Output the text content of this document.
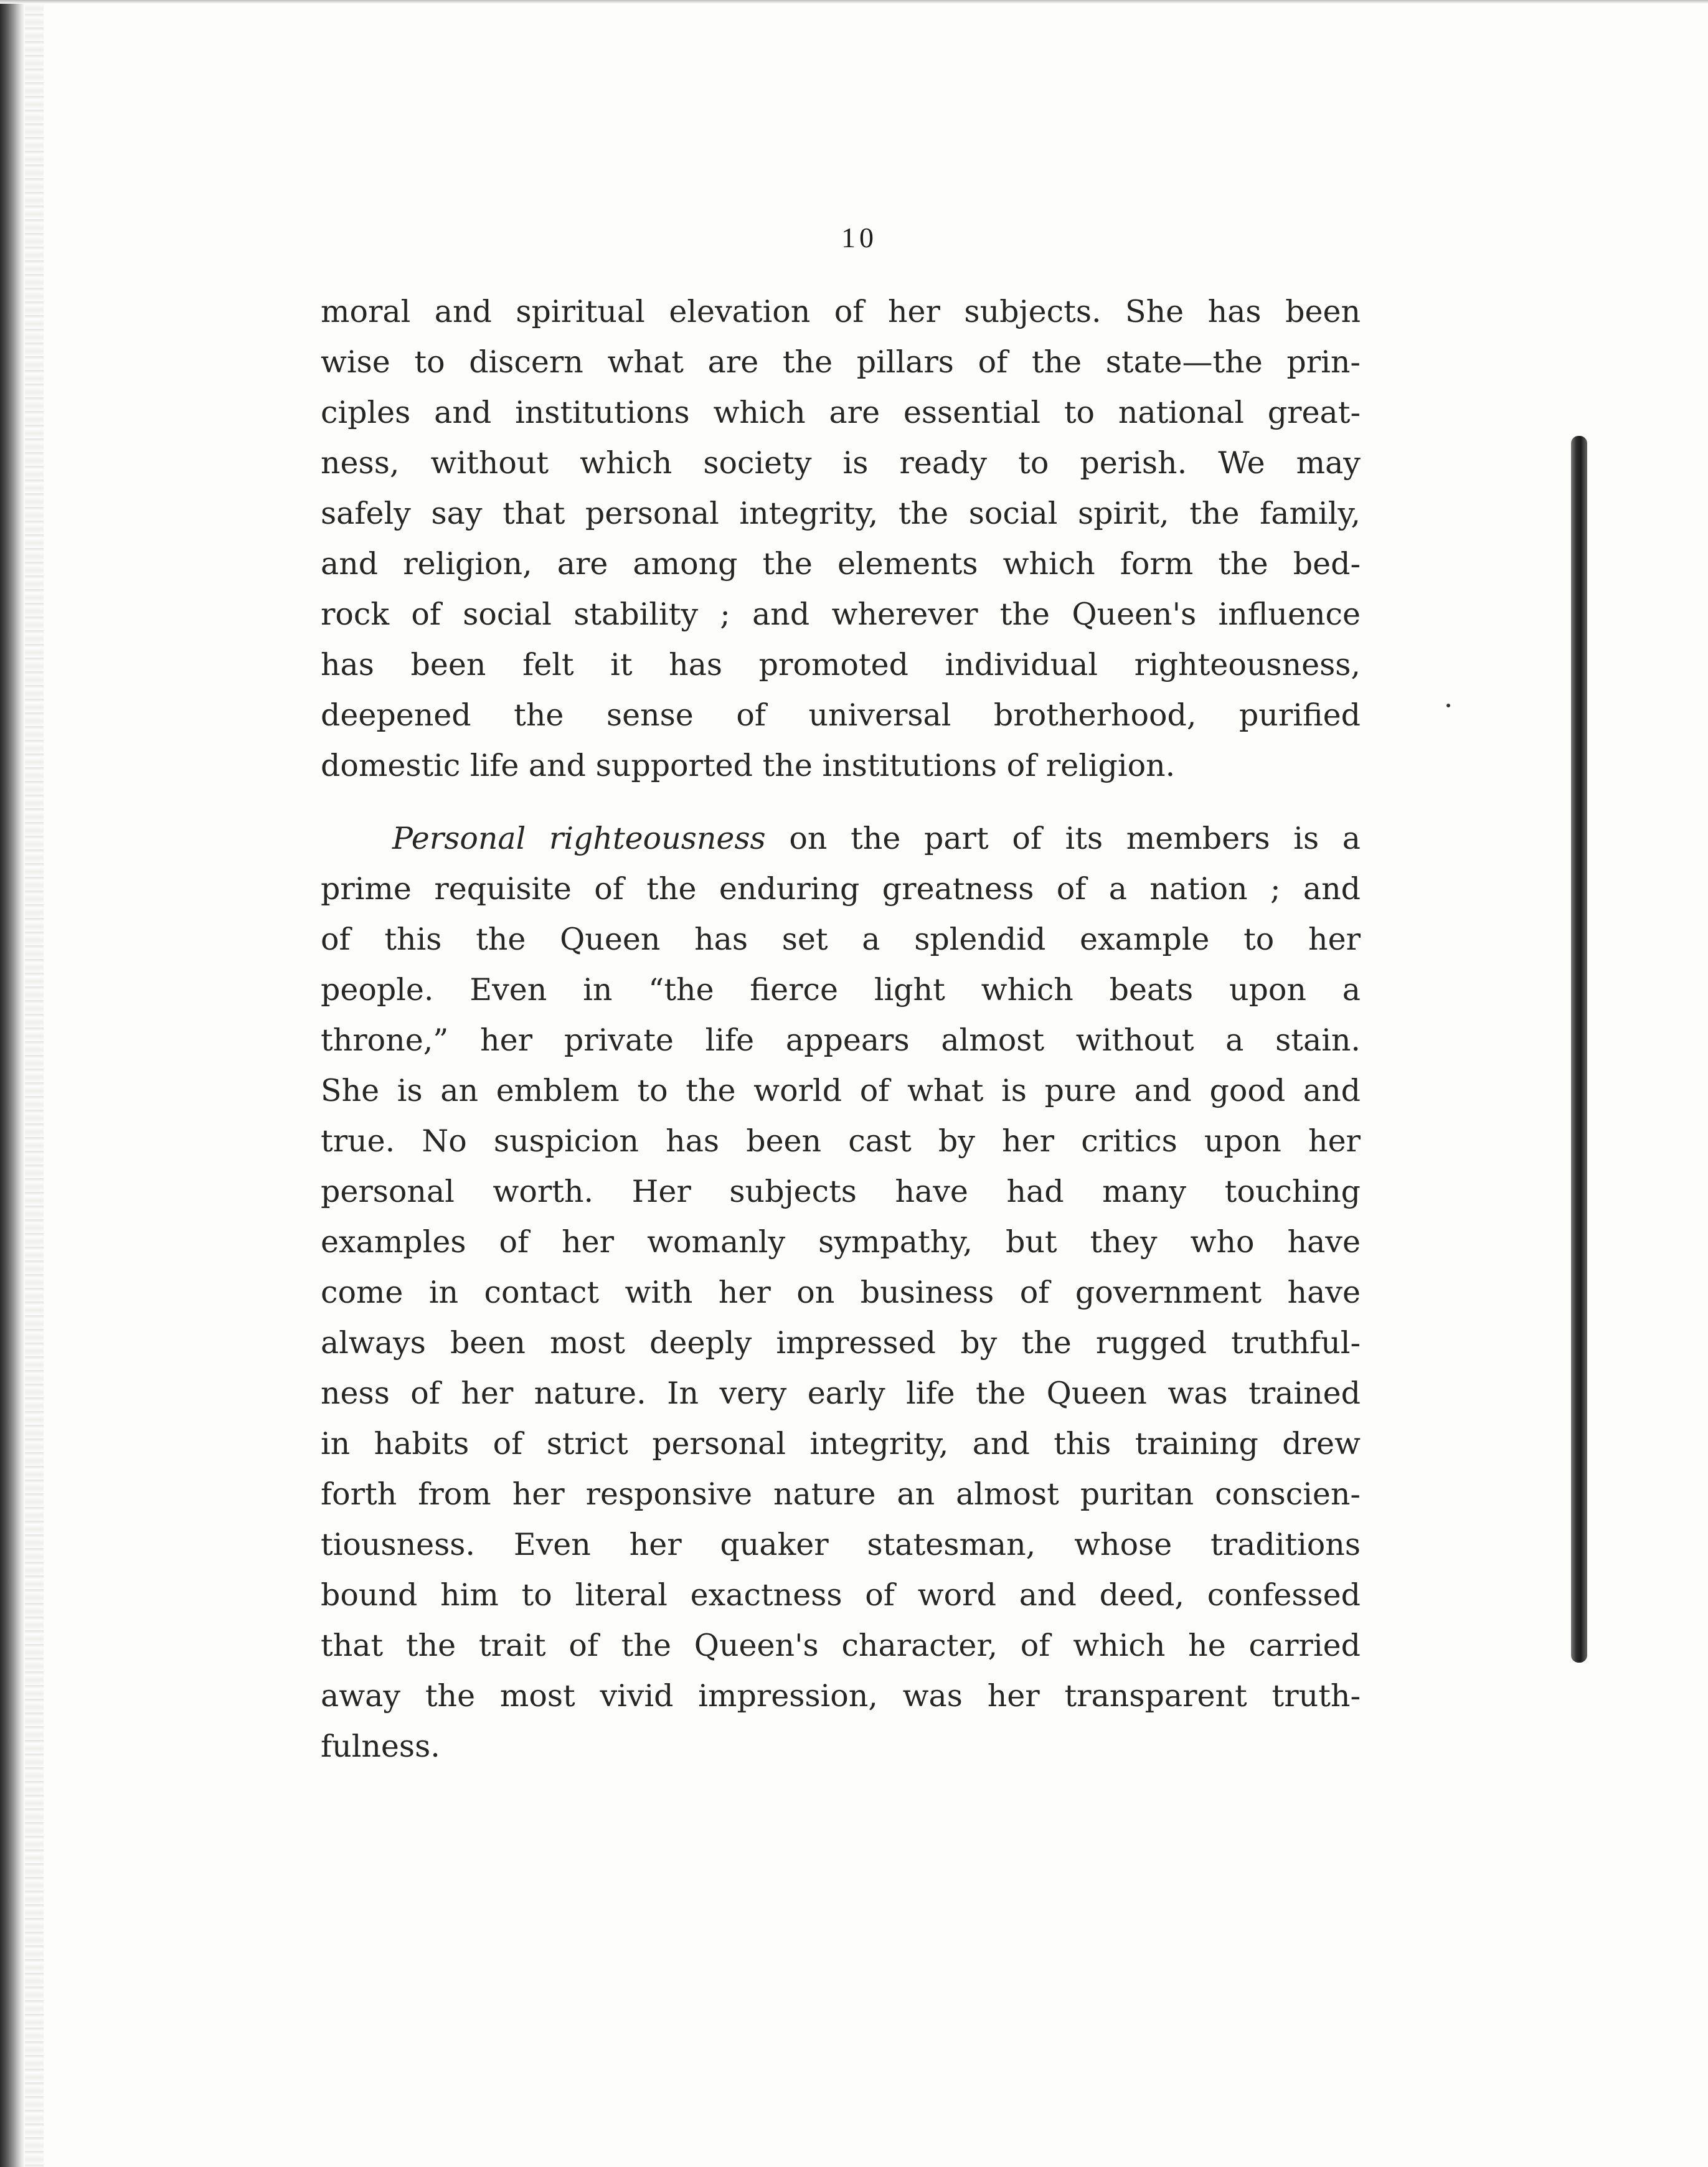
10
moral and spiritual elevation of her subjects. She has been
wise to discern what are the pillars of the state—the prin-
ciples and institutions which are essential to national great-
ness, without which society is ready to perish. We may
safely say that personal integrity, the social spirit, the family,
and religion, are among the elements which form the bed-
rock of social stability ; and wherever the Queen's influence
has been felt it has promoted individual righteousness,
deepened the sense of universal brotherhood, purified
domestic life and supported the institutions of religion.
Personal righteousness on the part of its members is a
prime requisite of the enduring greatness of a nation ; and
of this the Queen has set a splendid example to her
people. Even in “the fierce light which beats upon a
throne,” her private life appears almost without a stain.
She is an emblem to the world of what is pure and good and
true. No suspicion has been cast by her critics upon her
personal worth. Her subjects have had many touching
examples of her womanly sympathy, but they who have
come in contact with her on business of government have
always been most deeply impressed by the rugged truthful-
ness of her nature. In very early life the Queen was trained
in habits of strict personal integrity, and this training drew
forth from her responsive nature an almost puritan conscien-
tiousness. Even her quaker statesman, whose traditions
bound him to literal exactness of word and deed, confessed
that the trait of the Queen's character, of which he carried
away the most vivid impression, was her transparent truth-
fulness.
